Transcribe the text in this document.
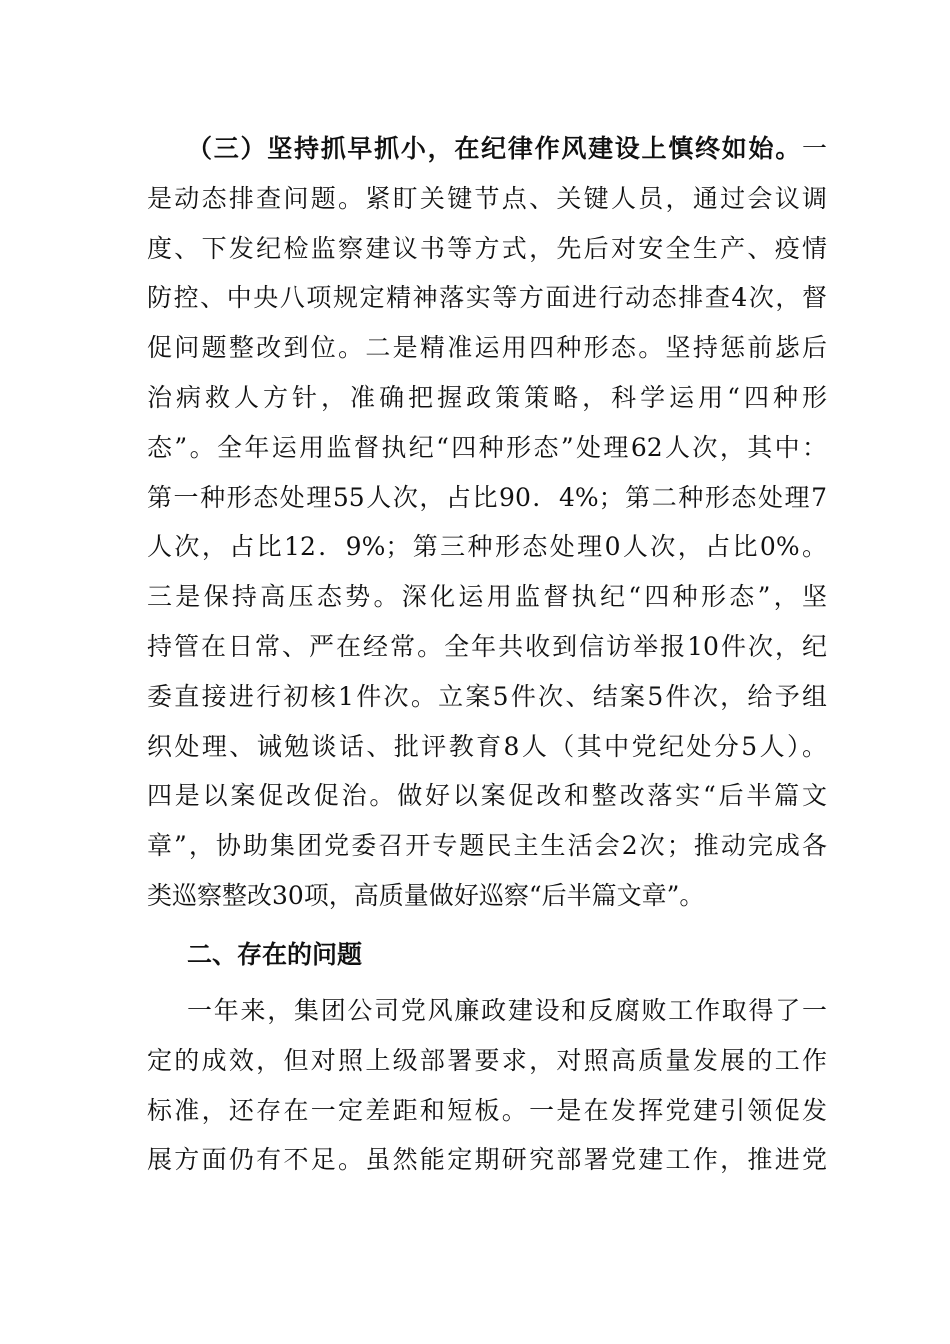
（三）坚持抓早抓小，在纪律作风建设上慎终如始。一
是动态排查问题。紧盯关键节点、关键人员，通过会议调
度、下发纪检监察建议书等方式，先后对安全生产、疫情
防控、中央八项规定精神落实等方面进行动态排查4次，督
促问题整改到位。二是精准运用四种形态。坚持惩前毖后
治病救人方针，准确把握政策策略，科学运用“四种形
态”。全年运用监督执纪“四种形态”处理62人次，其中：
第一种形态处理55人次，占比90．4%；第二种形态处理7
人次，占比12．9%；第三种形态处理0人次，占比0%。
三是保持高压态势。深化运用监督执纪“四种形态”，坚
持管在日常、严在经常。全年共收到信访举报10件次，纪
委直接进行初核1件次。立案5件次、结案5件次，给予组
织处理、诫勉谈话、批评教育8人（其中党纪处分5人）。
四是以案促改促治。做好以案促改和整改落实“后半篇文
章”，协助集团党委召开专题民主生活会2次；推动完成各
类巡察整改30项，高质量做好巡察“后半篇文章”。
二、存在的问题
一年来，集团公司党风廉政建设和反腐败工作取得了一
定的成效，但对照上级部署要求，对照高质量发展的工作
标准，还存在一定差距和短板。一是在发挥党建引领促发
展方面仍有不足。虽然能定期研究部署党建工作，推进党
